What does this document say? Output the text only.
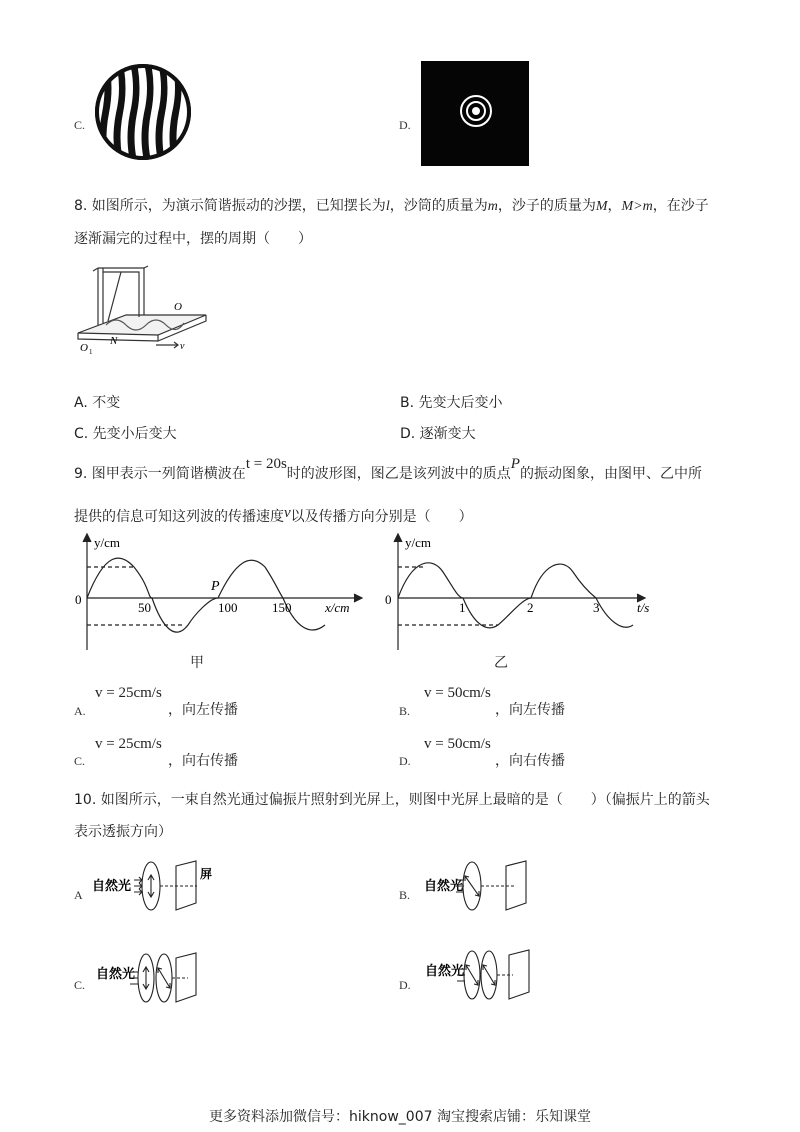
C.	D.
8. 如图所示，为演示简谐振动的沙摆，已知摆长为l，沙筒的质量为m，沙子的质量为M，M>m，在沙子
逐渐漏完的过程中，摆的周期（　　）
O
O 1
N	v
A. 不变	B. 先变大后变小
C. 先变小后变大	D. 逐渐变大
9. 图甲表示一列简谐横波在t = 20s时的波形图，图乙是该列波中的质点P的振动图象，由图甲、乙中所
提供的信息可知这列波的传播速度v以及传播方向分别是（　　）
y/cm
x/cm
0
50	100	150
P
甲
y/cm
t/s
0
1	2	3
乙
A.
v = 25cm/s
，向左传播	B.
v = 50cm/s
，向左传播
C.
v = 25cm/s
，向右传播	D.
v = 50cm/s
，向右传播
10. 如图所示，一束自然光通过偏振片照射到光屏上，则图中光屏上最暗的是（　　）（偏振片上的箭头
表示透振方向）
A
自然光
屏
B.
自然光
C.
自然光
D.
自然光
更多资料添加微信号：hiknow_007 淘宝搜索店铺：乐知课堂
